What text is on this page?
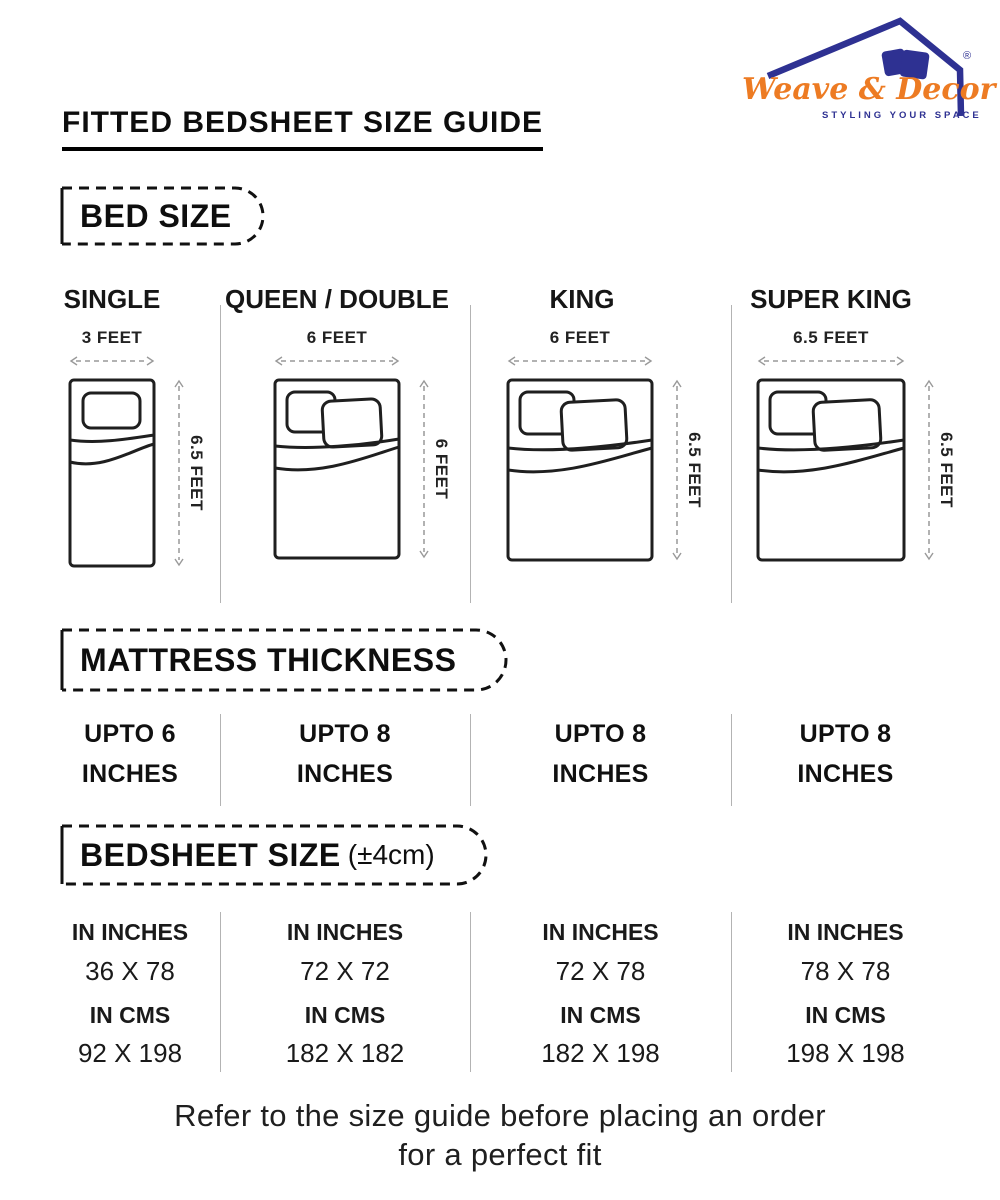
Weave & Decor
®
STYLING YOUR SPACE
FITTED BEDSHEET SIZE GUIDE
BED SIZE
SINGLE
3 FEET
6.5 FEET
QUEEN / DOUBLE
6 FEET
6 FEET
KING
6 FEET
6.5 FEET
SUPER KING
6.5 FEET
6.5 FEET
MATTRESS THICKNESS
UPTO 6
INCHES
UPTO 8
INCHES
UPTO 8
INCHES
UPTO 8
INCHES
BEDSHEET SIZE (±4cm)
IN INCHES	IN INCHES	IN INCHES	IN INCHES
36 X 78	72 X 72	72 X 78	78 X 78
IN CMS	IN CMS	IN CMS	IN CMS
92 X 198	182 X 182	182 X 198	198 X 198
Refer to the size guide before placing an order
for a perfect fit
